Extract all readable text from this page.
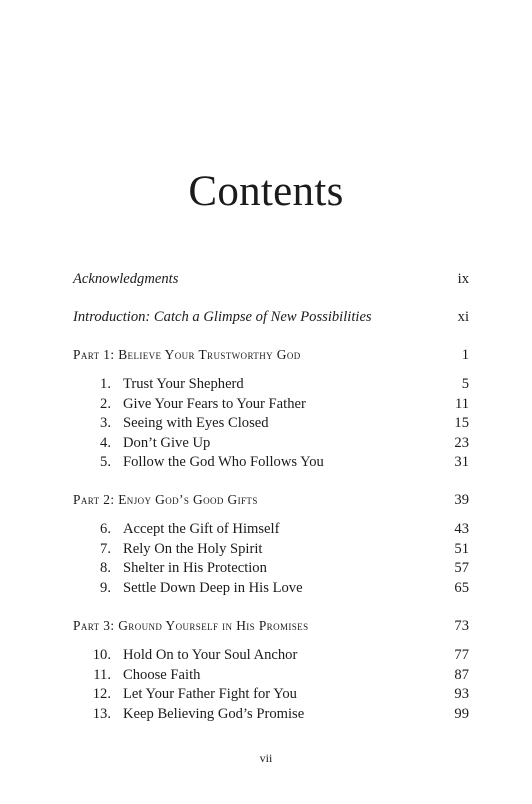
Contents
Acknowledgments	ix
Introduction: Catch a Glimpse of New Possibilities	xi
Part 1: Believe Your Trustworthy God	1
1. Trust Your Shepherd	5
2. Give Your Fears to Your Father	11
3. Seeing with Eyes Closed	15
4. Don’t Give Up	23
5. Follow the God Who Follows You	31
Part 2: Enjoy God’s Good Gifts	39
6. Accept the Gift of Himself	43
7. Rely On the Holy Spirit	51
8. Shelter in His Protection	57
9. Settle Down Deep in His Love	65
Part 3: Ground Yourself in His Promises	73
10. Hold On to Your Soul Anchor	77
11. Choose Faith	87
12. Let Your Father Fight for You	93
13. Keep Believing God’s Promise	99
vii
